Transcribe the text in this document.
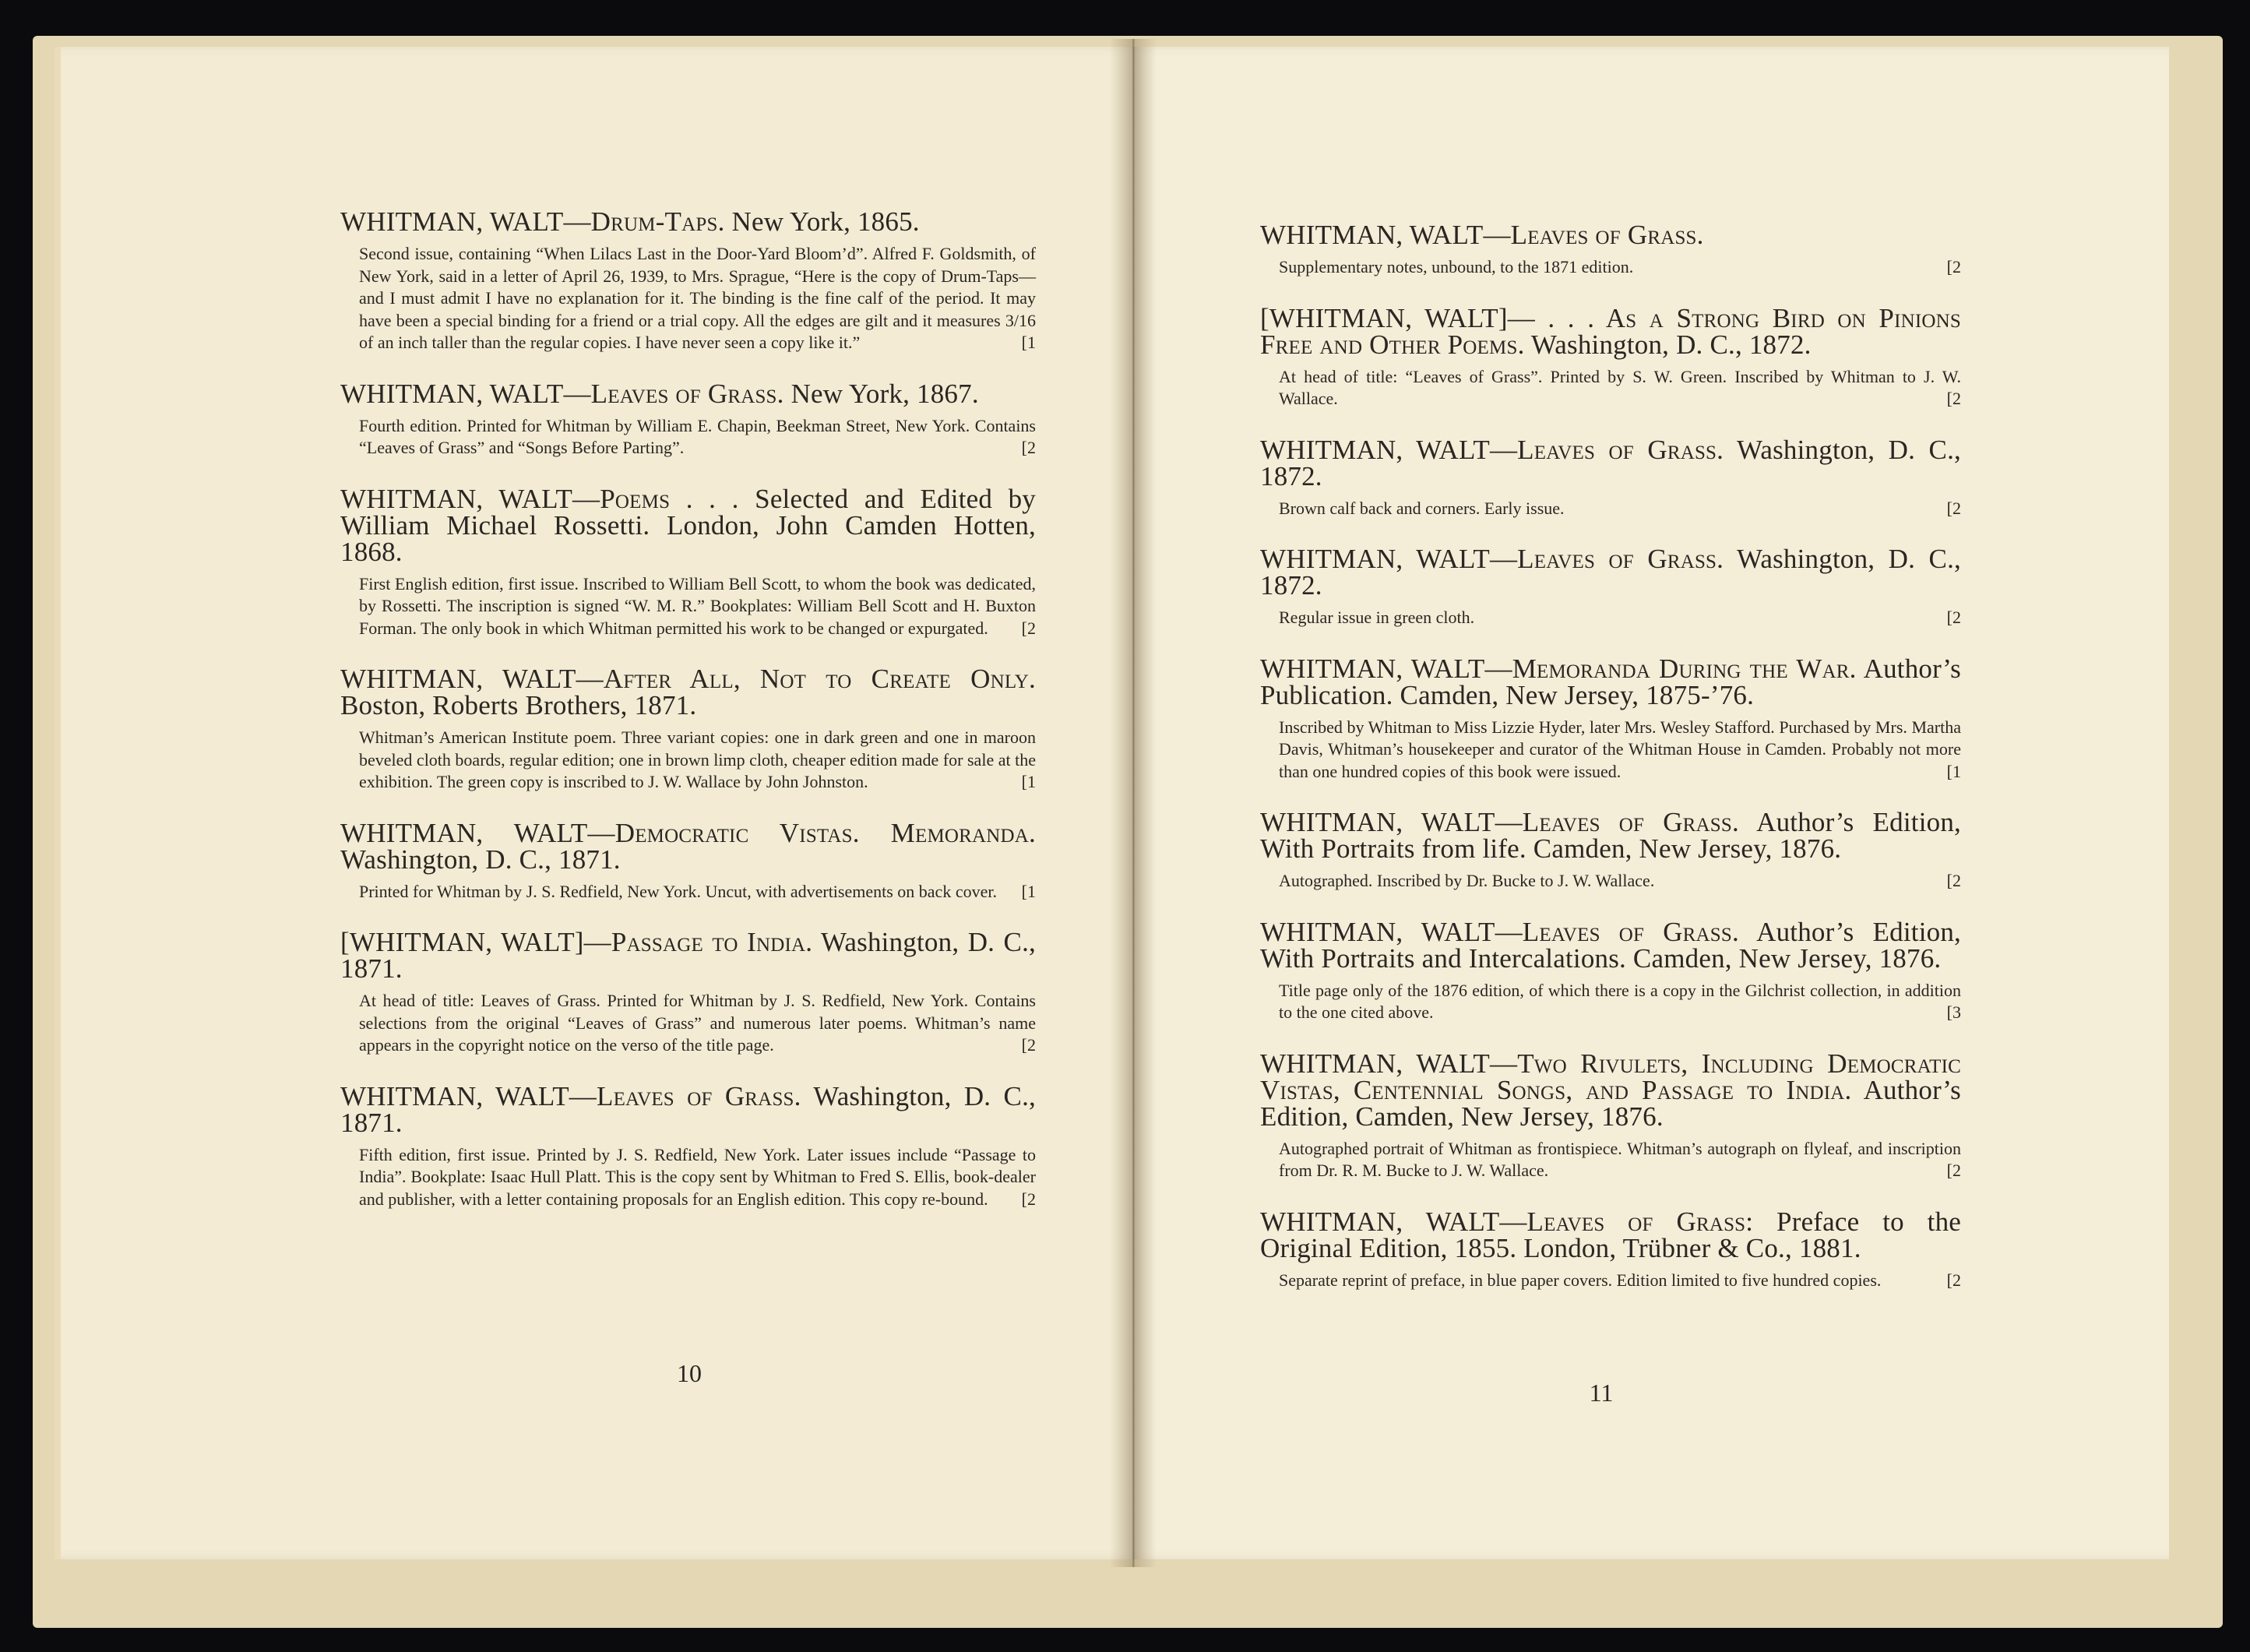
WHITMAN, WALT—Drum-Taps. New York, 1865.

Second issue, containing “When Lilacs Last in the Door-Yard Bloom’d”. Alfred F. Goldsmith, of New York, said in a letter of April 26, 1939, to Mrs. Sprague, “Here is the copy of Drum-Taps—and I must admit I have no explanation for it. The binding is the fine calf of the period. It may have been a special binding for a friend or a trial copy. All the edges are gilt and it measures 3/16 of an inch taller than the regular copies. I have never seen a copy like it.”	[1

WHITMAN, WALT—Leaves of Grass. New York, 1867.

Fourth edition. Printed for Whitman by William E. Chapin, Beekman Street, New York. Contains “Leaves of Grass” and “Songs Before Parting”.	[2

WHITMAN, WALT—Poems . . . Selected and Edited by William Michael Rossetti. London, John Camden Hotten, 1868.

First English edition, first issue. Inscribed to William Bell Scott, to whom the book was dedicated, by Rossetti. The inscription is signed “W. M. R.” Bookplates: William Bell Scott and H. Buxton Forman. The only book in which Whitman permitted his work to be changed or expurgated. [2

WHITMAN, WALT—After All, Not to Create Only. Boston, Roberts Brothers, 1871.

Whitman’s American Institute poem. Three variant copies: one in dark green and one in maroon beveled cloth boards, regular edition; one in brown limp cloth, cheaper edition made for sale at the exhibition. The green copy is inscribed to J. W. Wallace by John Johnston.	[1

WHITMAN, WALT—Democratic Vistas. Memoranda. Washington, D. C., 1871.

Printed for Whitman by J. S. Redfield, New York. Uncut, with advertisements on back cover. [1

[WHITMAN, WALT]—Passage to India. Washington, D. C., 1871.

At head of title: Leaves of Grass. Printed for Whitman by J. S. Redfield, New York. Contains selections from the original “Leaves of Grass” and numerous later poems. Whitman’s name appears in the copyright notice on the verso of the title page.	[2

WHITMAN, WALT—Leaves of Grass. Washington, D. C., 1871.

Fifth edition, first issue. Printed by J. S. Redfield, New York. Later issues include “Passage to India”. Bookplate: Isaac Hull Platt. This is the copy sent by Whitman to Fred S. Ellis, book-dealer and publisher, with a letter containing proposals for an English edition. This copy re-bound. [2

WHITMAN, WALT—Leaves of Grass.

Supplementary notes, unbound, to the 1871 edition.	[2

[WHITMAN, WALT]— . . . As a Strong Bird on Pinions Free and Other Poems. Washington, D. C., 1872.

At head of title: “Leaves of Grass”. Printed by S. W. Green. Inscribed by Whitman to J. W. Wallace.	[2

WHITMAN, WALT—Leaves of Grass. Washington, D. C., 1872.

Brown calf back and corners. Early issue.	[2

WHITMAN, WALT—Leaves of Grass. Washington, D. C., 1872.

Regular issue in green cloth.	[2

WHITMAN, WALT—Memoranda During the War. Author’s Publication. Camden, New Jersey, 1875-’76.

Inscribed by Whitman to Miss Lizzie Hyder, later Mrs. Wesley Stafford. Purchased by Mrs. Martha Davis, Whitman’s housekeeper and curator of the Whitman House in Camden. Probably not more than one hundred copies of this book were issued.	[1

WHITMAN, WALT—Leaves of Grass. Author’s Edition, With Portraits from life. Camden, New Jersey, 1876.

Autographed. Inscribed by Dr. Bucke to J. W. Wallace.	[2

WHITMAN, WALT—Leaves of Grass. Author’s Edition, With Portraits and Intercalations. Camden, New Jersey, 1876.

Title page only of the 1876 edition, of which there is a copy in the Gilchrist collection, in addition to the one cited above.	[3

WHITMAN, WALT—Two Rivulets, Including Democratic Vistas, Centennial Songs, and Passage to India. Author’s Edition, Camden, New Jersey, 1876.

Autographed portrait of Whitman as frontispiece. Whitman’s autograph on flyleaf, and inscription from Dr. R. M. Bucke to J. W. Wallace.	[2

WHITMAN, WALT—Leaves of Grass: Preface to the Original Edition, 1855. London, Trübner & Co., 1881.

Separate reprint of preface, in blue paper covers. Edition limited to five hundred copies.	[2

10
11
